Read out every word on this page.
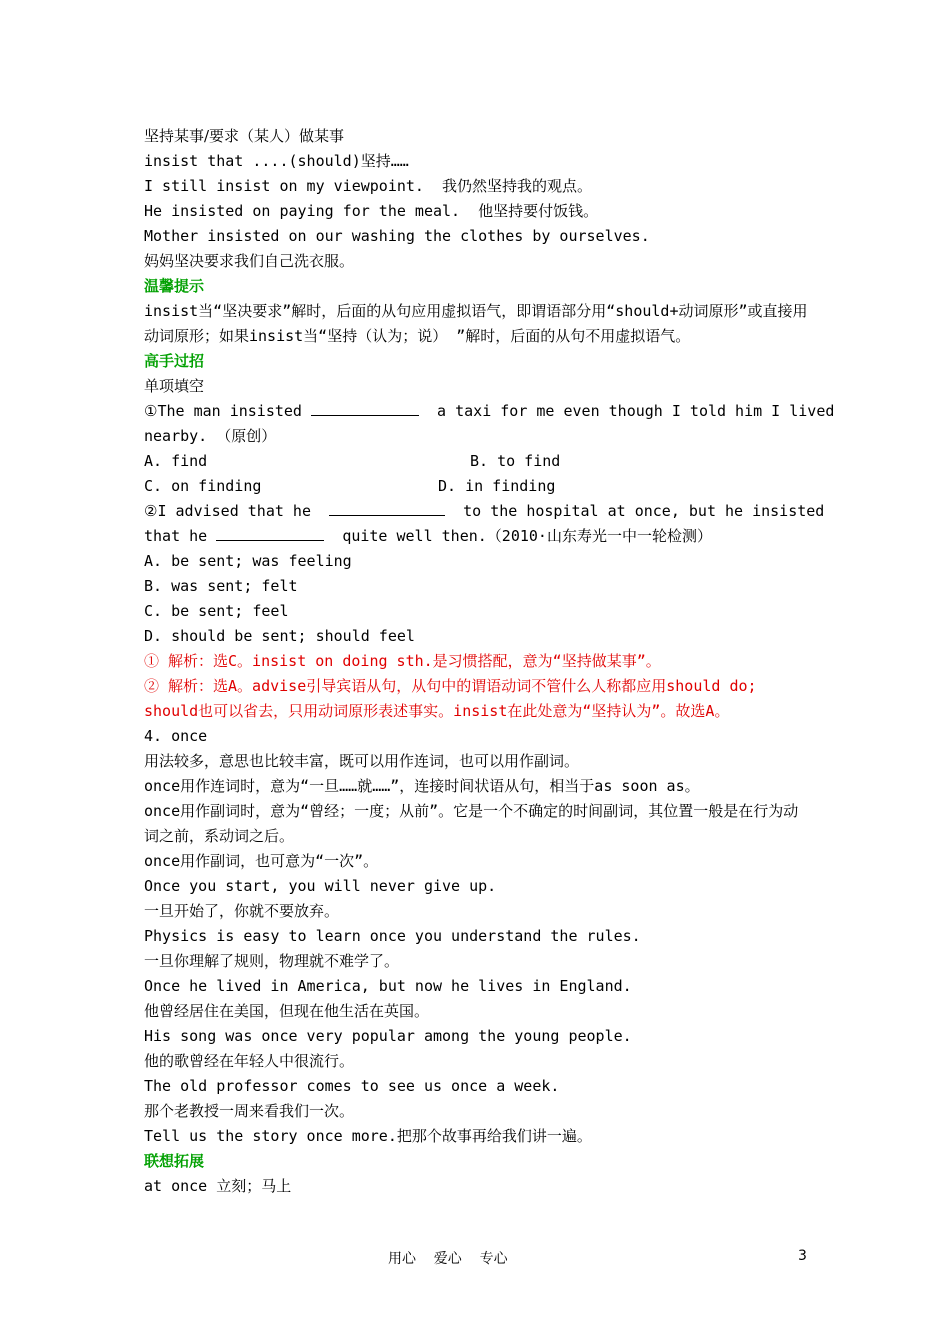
坚持某事/要求（某人）做某事
insist that ....(should)坚持……
I still insist on my viewpoint.  我仍然坚持我的观点。
He insisted on paying for the meal.  他坚持要付饭钱。
Mother insisted on our washing the clothes by ourselves.
妈妈坚决要求我们自己洗衣服。
温馨提示
insist当“坚决要求”解时，后面的从句应用虚拟语气，即谓语部分用“should+动词原形”或直接用动词原形；如果insist当“坚持（认为；说） ”解时，后面的从句不用虚拟语气。
高手过招
单项填空
①The man insisted	a taxi for me even though I told him I lived
nearby. （原创）
A. find	B. to find
C. on finding	D. in finding
②I advised that he	to the hospital at once, but he insisted
that he	quite well then.（2010·山东寿光一中一轮检测）
A. be sent; was feeling
B. was sent; felt
C. be sent; feel
D. should be sent; should feel
① 解析：选C。insist on doing sth.是习惯搭配，意为“坚持做某事”。
② 解析：选A。advise引导宾语从句，从句中的谓语动词不管什么人称都应用should do; should也可以省去，只用动词原形表述事实。insist在此处意为“坚持认为”。故选A。
4. once
用法较多，意思也比较丰富，既可以用作连词，也可以用作副词。
once用作连词时，意为“一旦……就……”，连接时间状语从句，相当于as soon as。
once用作副词时，意为“曾经；一度；从前”。它是一个不确定的时间副词，其位置一般是在行为动词之前，系动词之后。
once用作副词，也可意为“一次”。
Once you start, you will never give up.
一旦开始了，你就不要放弃。
Physics is easy to learn once you understand the rules.
一旦你理解了规则，物理就不难学了。
Once he lived in America, but now he lives in England.
他曾经居住在美国，但现在他生活在英国。
His song was once very popular among the young people.
他的歌曾经在年轻人中很流行。
The old professor comes to see us once a week.
那个老教授一周来看我们一次。
Tell us the story once more.把那个故事再给我们讲一遍。
联想拓展
at once 立刻；马上
用心    爱心    专心	3
